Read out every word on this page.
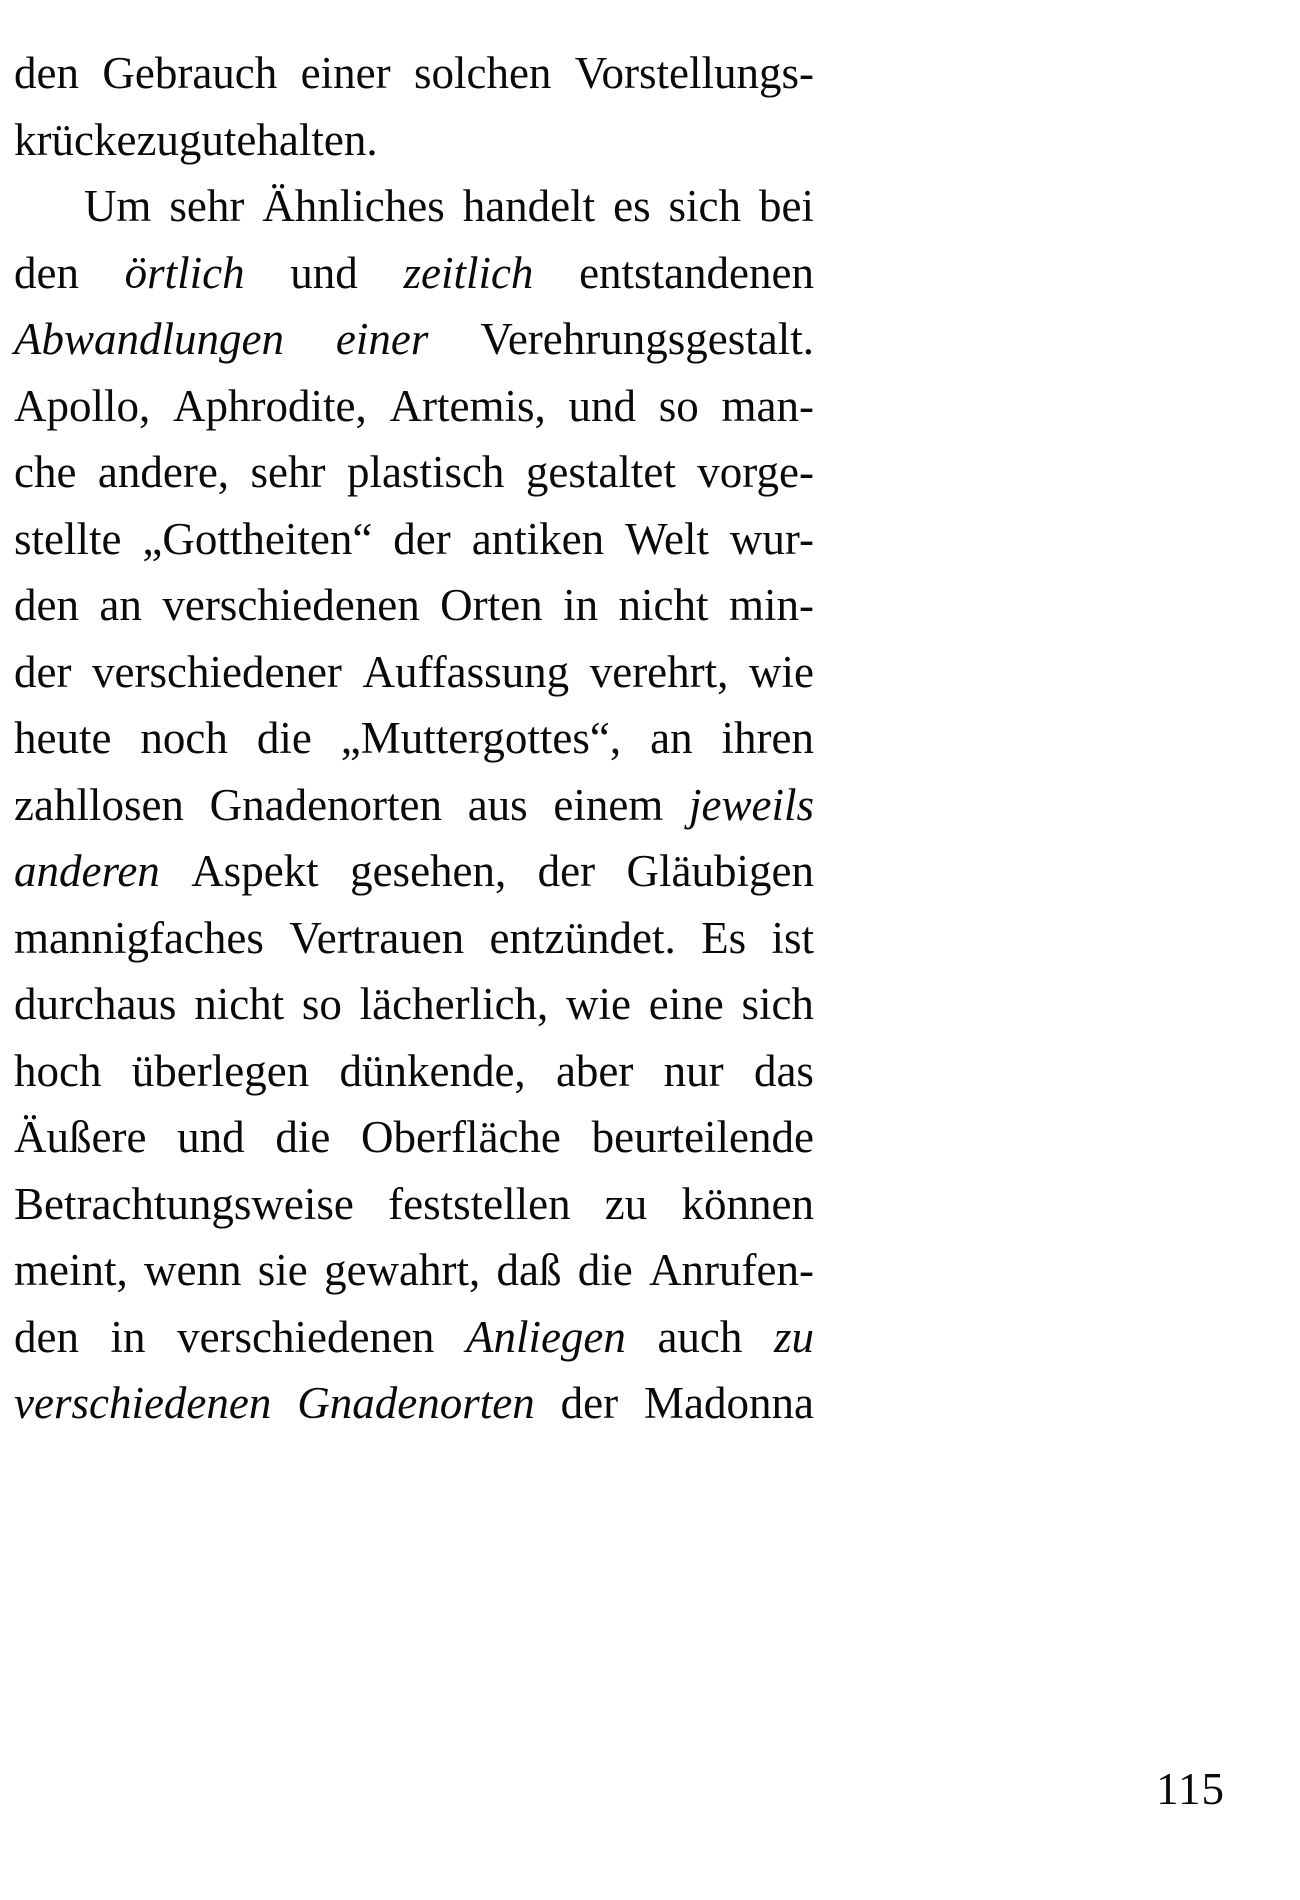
den Gebrauch einer solchen Vorstellungs-
krücke zugutehalten.
Um sehr Ähnliches handelt es sich bei
den örtlich und zeitlich entstandenen
Abwandlungen einer Verehrungsgestalt.
Apollo, Aphrodite, Artemis, und so man-
che andere, sehr plastisch gestaltet vorge-
stellte „Gottheiten“ der antiken Welt wur-
den an verschiedenen Orten in nicht min-
der verschiedener Auffassung verehrt, wie
heute noch die „Muttergottes“, an ihren
zahllosen Gnadenorten aus einem jeweils
anderen Aspekt gesehen, der Gläubigen
mannigfaches Vertrauen entzündet. Es ist
durchaus nicht so lächerlich, wie eine sich
hoch überlegen dünkende, aber nur das
Äußere und die Oberfläche beurteilende
Betrachtungsweise feststellen zu können
meint, wenn sie gewahrt, daß die Anrufen-
den in verschiedenen Anliegen auch zu
verschiedenen Gnadenorten der Madonna
115
